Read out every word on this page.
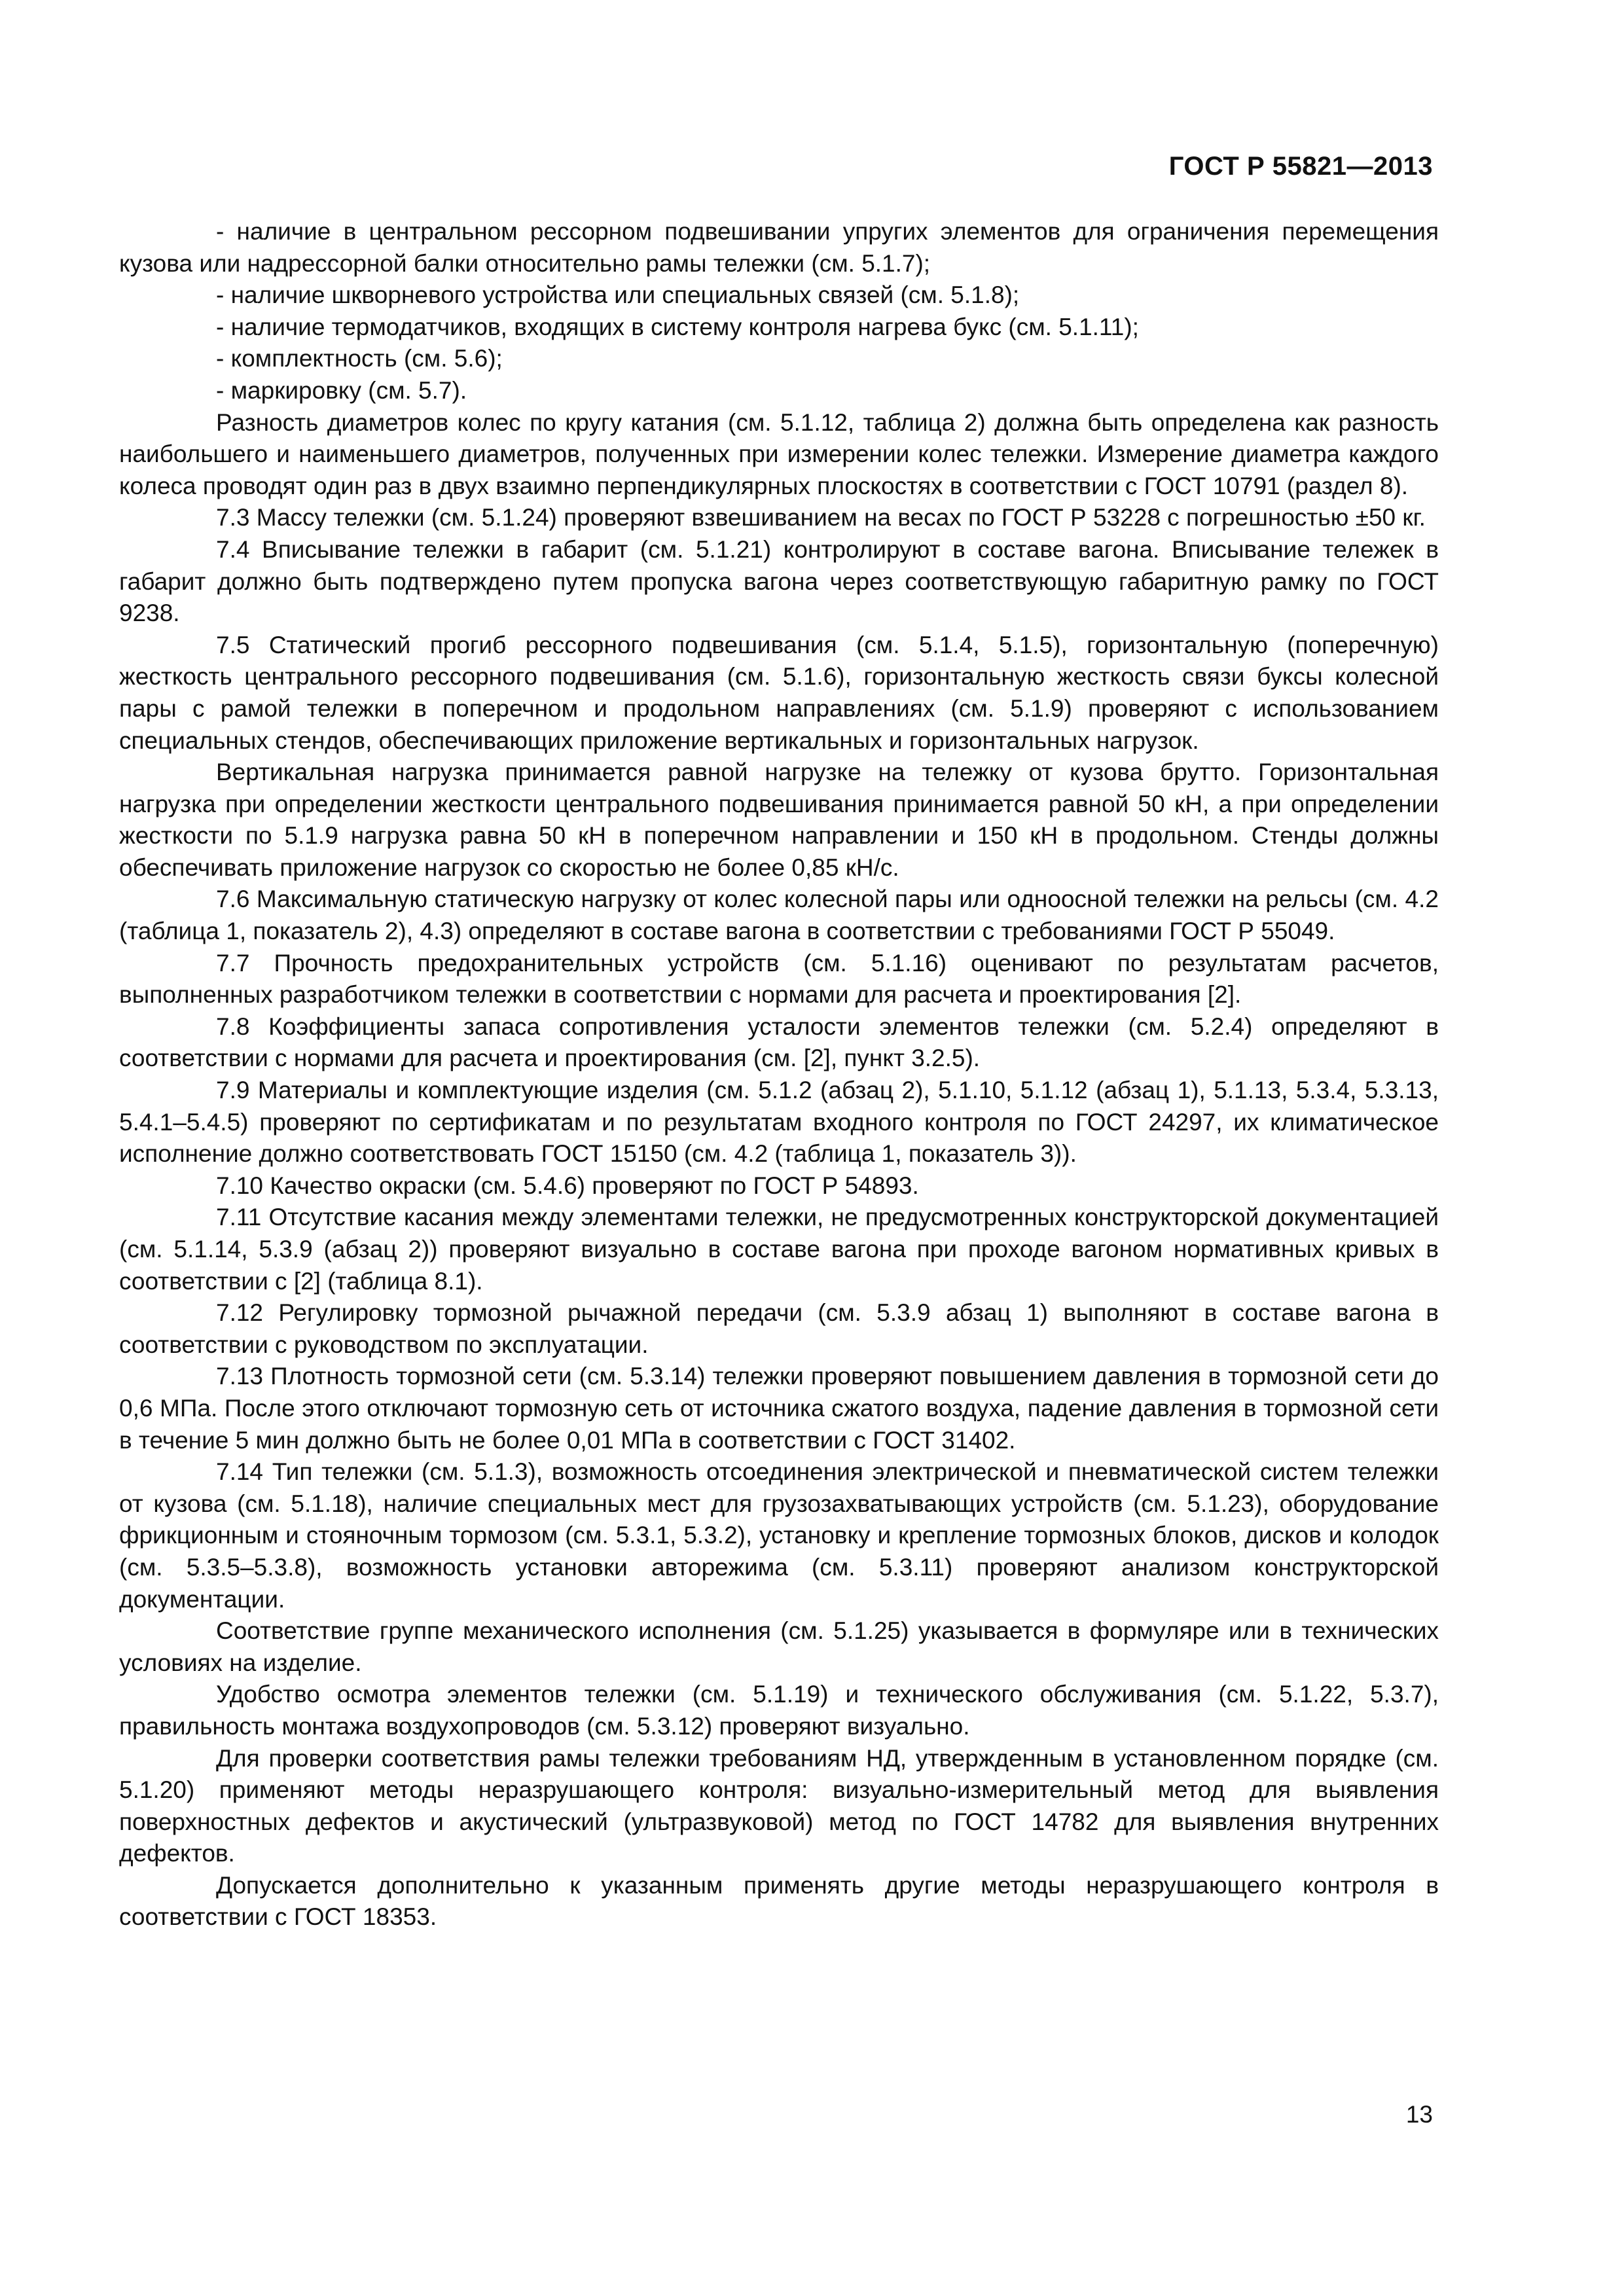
ГОСТ Р 55821—2013

- наличие в центральном рессорном подвешивании упругих элементов для ограничения перемещения кузова или надрессорной балки относительно рамы тележки (см. 5.1.7);

- наличие шкворневого устройства или специальных связей (см. 5.1.8);

- наличие термодатчиков, входящих в систему контроля нагрева букс (см. 5.1.11);

- комплектность (см. 5.6);

- маркировку (см. 5.7).

Разность диаметров колес по кругу катания (см. 5.1.12, таблица 2) должна быть определена как разность наибольшего и наименьшего диаметров, полученных при измерении колес тележки. Измерение диаметра каждого колеса проводят один раз в двух взаимно перпендикулярных плоскостях в соответствии с ГОСТ 10791 (раздел 8).

7.3 Массу тележки (см. 5.1.24) проверяют взвешиванием на весах по ГОСТ Р 53228 с погрешностью ±50 кг.

7.4 Вписывание тележки в габарит (см. 5.1.21) контролируют в составе вагона. Вписывание тележек в габарит должно быть подтверждено путем пропуска вагона через соответствующую габаритную рамку по ГОСТ 9238.

7.5 Статический прогиб рессорного подвешивания (см. 5.1.4, 5.1.5), горизонтальную (поперечную) жесткость центрального рессорного подвешивания (см. 5.1.6), горизонтальную жесткость связи буксы колесной пары с рамой тележки в поперечном и продольном направлениях (см. 5.1.9) проверяют с использованием специальных стендов, обеспечивающих приложение вертикальных и горизонтальных нагрузок.

Вертикальная нагрузка принимается равной нагрузке на тележку от кузова брутто. Горизонтальная нагрузка при определении жесткости центрального подвешивания принимается равной 50 кН, а при определении жесткости по 5.1.9 нагрузка равна 50 кН в поперечном направлении и 150 кН в продольном. Стенды должны обеспечивать приложение нагрузок со скоростью не более 0,85 кН/с.

7.6 Максимальную статическую нагрузку от колес колесной пары или одноосной тележки на рельсы (см. 4.2 (таблица 1, показатель 2), 4.3) определяют в составе вагона в соответствии с требованиями ГОСТ Р 55049.

7.7 Прочность предохранительных устройств (см. 5.1.16) оценивают по результатам расчетов, выполненных разработчиком тележки в соответствии с нормами для расчета и проектирования [2].

7.8 Коэффициенты запаса сопротивления усталости элементов тележки (см. 5.2.4) определяют в соответствии с нормами для расчета и проектирования (см. [2], пункт 3.2.5).

7.9 Материалы и комплектующие изделия (см. 5.1.2 (абзац 2), 5.1.10, 5.1.12 (абзац 1), 5.1.13, 5.3.4, 5.3.13, 5.4.1–5.4.5) проверяют по сертификатам и по результатам входного контроля по ГОСТ 24297, их климатическое исполнение должно соответствовать ГОСТ 15150 (см. 4.2 (таблица 1, показатель 3)).

7.10 Качество окраски (см. 5.4.6) проверяют по ГОСТ Р 54893.

7.11 Отсутствие касания между элементами тележки, не предусмотренных конструкторской документацией (см. 5.1.14, 5.3.9 (абзац 2)) проверяют визуально в составе вагона при проходе вагоном нормативных кривых в соответствии с [2] (таблица 8.1).

7.12 Регулировку тормозной рычажной передачи (см. 5.3.9 абзац 1) выполняют в составе вагона в соответствии с руководством по эксплуатации.

7.13 Плотность тормозной сети (см. 5.3.14) тележки проверяют повышением давления в тормозной сети до 0,6 МПа. После этого отключают тормозную сеть от источника сжатого воздуха, падение давления в тормозной сети в течение 5 мин должно быть не более 0,01 МПа в соответствии с ГОСТ 31402.

7.14 Тип тележки (см. 5.1.3), возможность отсоединения электрической и пневматической систем тележки от кузова (см. 5.1.18), наличие специальных мест для грузозахватывающих устройств (см. 5.1.23), оборудование фрикционным и стояночным тормозом (см. 5.3.1, 5.3.2), установку и крепление тормозных блоков, дисков и колодок (см. 5.3.5–5.3.8), возможность установки авторежима (см. 5.3.11) проверяют анализом конструкторской документации.

Соответствие группе механического исполнения (см. 5.1.25) указывается в формуляре или в технических условиях на изделие.

Удобство осмотра элементов тележки (см. 5.1.19) и технического обслуживания (см. 5.1.22, 5.3.7), правильность монтажа воздухопроводов (см. 5.3.12) проверяют визуально.

Для проверки соответствия рамы тележки требованиям НД, утвержденным в установленном порядке (см. 5.1.20) применяют методы неразрушающего контроля: визуально-измерительный метод для выявления поверхностных дефектов и акустический (ультразвуковой) метод по ГОСТ 14782 для выявления внутренних дефектов.

Допускается дополнительно к указанным применять другие методы неразрушающего контроля в соответствии с ГОСТ 18353.

13
